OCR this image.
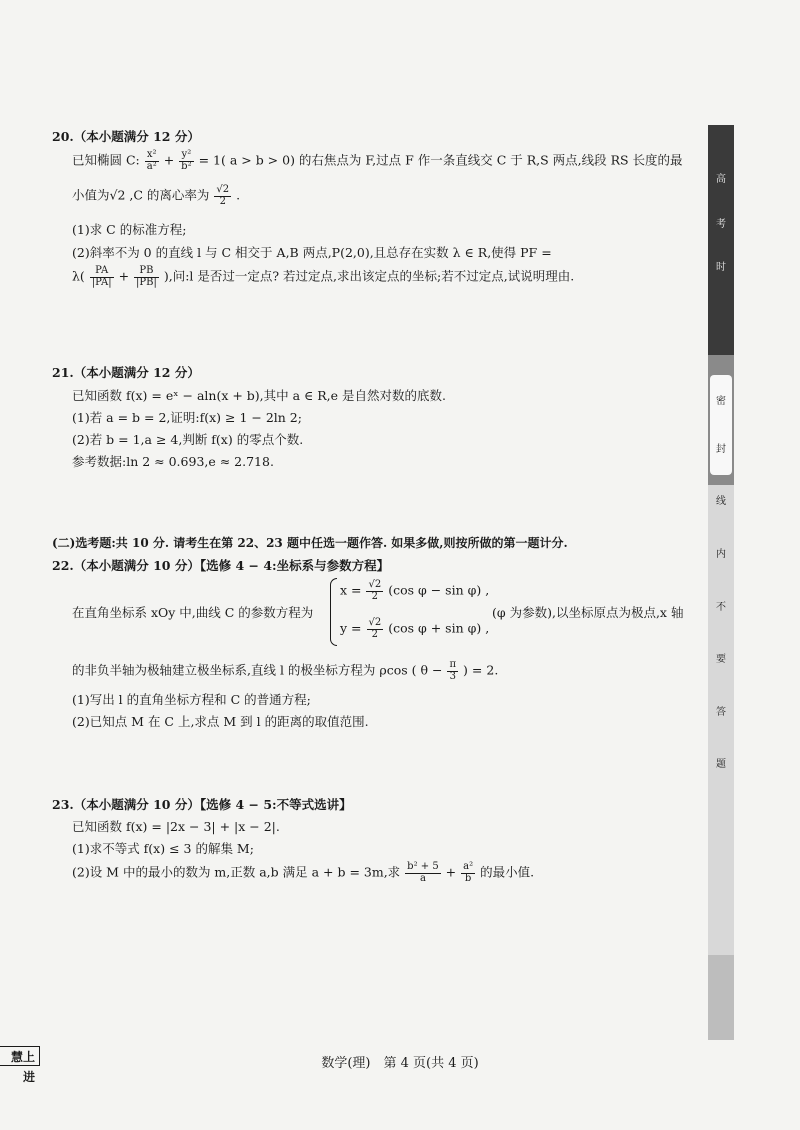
20.（本小题满分 12 分）
已知椭圆 C: $\frac{\text{x²}}{\text{a²}} + \frac{\text{y²}}{\text{b²}} = 1$( a > b > 0) 的右焦点为 F,过点 F 作一条直线交 C 于 R,S 两点,线段 RS 长度的最
小值为√2 ,C 的离心率为 $\frac{√2}{2}$ .
(1)求 C 的标准方程;
(2)斜率不为 0 的直线 l 与 C 相交于 A,B 两点,P(2,0),且总存在实数 λ ∈ R,使得 PF =
$\lambda( \frac{PA}{|PA|} + \frac{PB}{|PB|}$ ),问:l 是否过一定点? 若过定点,求出该定点的坐标;若不过定点,试说明理由.
21.（本小题满分 12 分）
已知函数 f(x) = eˣ − aln(x + b),其中 a ∈ R,e 是自然对数的底数.
(1)若 a = b = 2,证明:f(x) ≥ 1 − 2ln 2;
(2)若 b = 1,a ≥ 4,判断 f(x) 的零点个数.
参考数据:ln 2 ≈ 0.693,e ≈ 2.718.
(二)选考题:共 10 分. 请考生在第 22、23 题中任选一题作答. 如果多做,则按所做的第一题计分.
22.（本小题满分 10 分）【选修 4 − 4:坐标系与参数方程】
在直角坐标系 xOy 中,曲线 C 的参数方程为
$x = \frac{√2}{2} (\cos$ φ − sin φ) ,
$y = \frac{√2}{2} (\cos$ φ + sin φ) ,
(φ 为参数),以坐标原点为极点,x 轴
的非负半轴为极轴建立极坐标系,直线 l 的极坐标方程为 ρcos ( $\theta - \frac{\pi}{3}$ ) = 2.
(1)写出 l 的直角坐标方程和 C 的普通方程;
(2)已知点 M 在 C 上,求点 M 到 l 的距离的取值范围.
23.（本小题满分 10 分）【选修 4 − 5:不等式选讲】
已知函数 f(x) = |2x − 3| + |x − 2|.
(1)求不等式 f(x) ≤ 3 的解集 M;
(2)设 M 中的最小的数为 m,正数 a,b 满足 a + b = 3m,求 $\frac{\text{b² + 5}}{a} + \frac{\text{a²}}{b}$ 的最小值.
高
考
时
密
封
线
内
不
要
答
题
慧上进
数学(理)　第 4 页(共 4 页)
